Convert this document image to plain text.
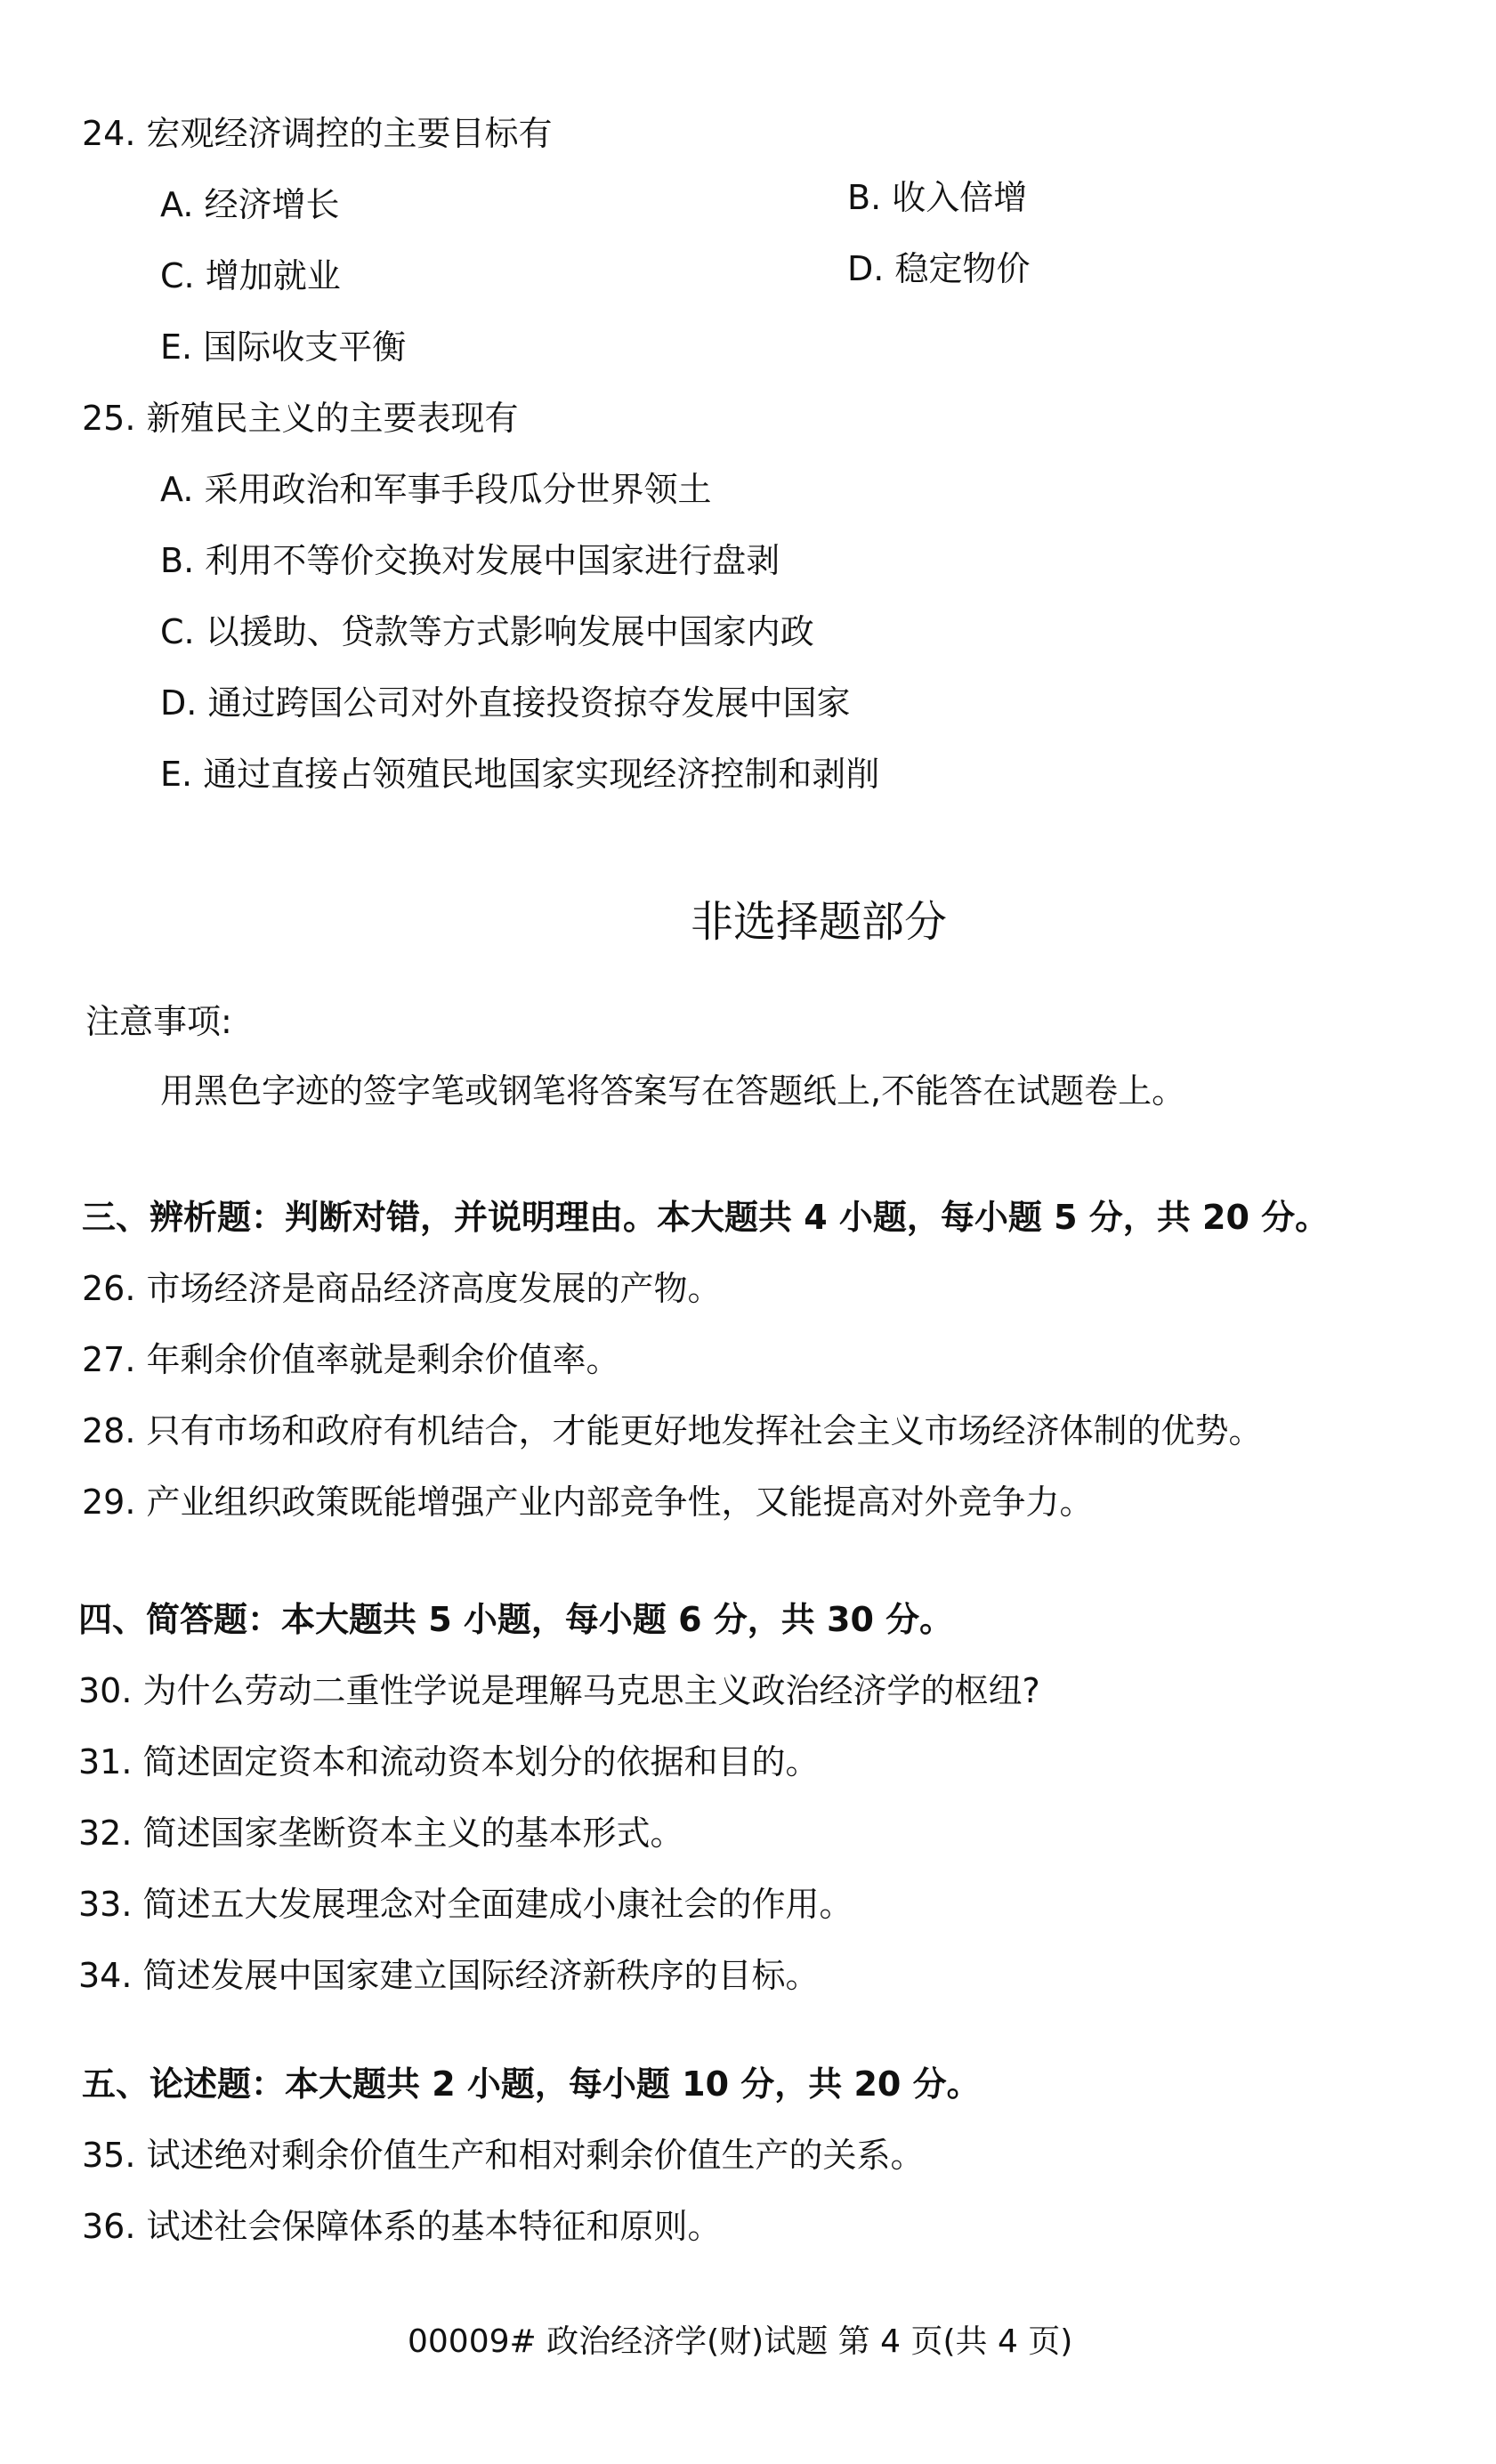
24. 宏观经济调控的主要目标有
A. 经济增长	B. 收入倍增
C. 增加就业	D. 稳定物价
E. 国际收支平衡
25. 新殖民主义的主要表现有
A. 采用政治和军事手段瓜分世界领土
B. 利用不等价交换对发展中国家进行盘剥
C. 以援助、贷款等方式影响发展中国家内政
D. 通过跨国公司对外直接投资掠夺发展中国家
E. 通过直接占领殖民地国家实现经济控制和剥削
非选择题部分
注意事项:
用黑色字迹的签字笔或钢笔将答案写在答题纸上,不能答在试题卷上。
三、辨析题：判断对错，并说明理由。本大题共 4 小题，每小题 5 分，共 20 分。
26. 市场经济是商品经济高度发展的产物。
27. 年剩余价值率就是剩余价值率。
28. 只有市场和政府有机结合，才能更好地发挥社会主义市场经济体制的优势。
29. 产业组织政策既能增强产业内部竞争性，又能提高对外竞争力。
四、简答题：本大题共 5 小题，每小题 6 分，共 30 分。
30. 为什么劳动二重性学说是理解马克思主义政治经济学的枢纽?
31. 简述固定资本和流动资本划分的依据和目的。
32. 简述国家垄断资本主义的基本形式。
33. 简述五大发展理念对全面建成小康社会的作用。
34. 简述发展中国家建立国际经济新秩序的目标。
五、论述题：本大题共 2 小题，每小题 10 分，共 20 分。
35. 试述绝对剩余价值生产和相对剩余价值生产的关系。
36. 试述社会保障体系的基本特征和原则。
00009# 政治经济学(财)试题 第 4 页(共 4 页)
